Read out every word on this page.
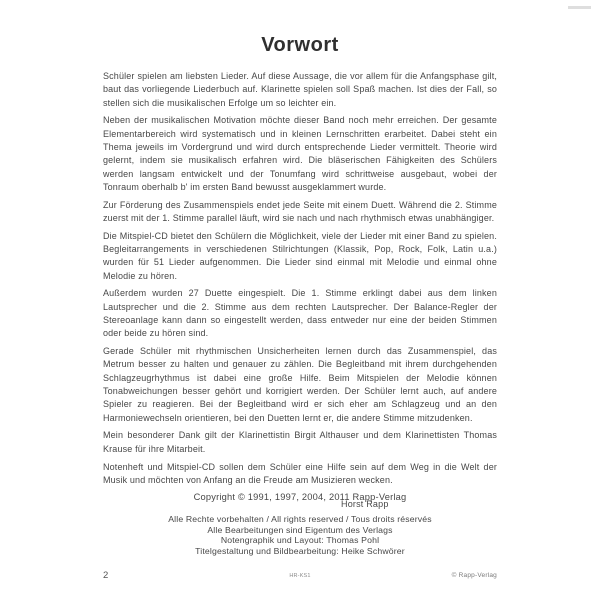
Vorwort

Schüler spielen am liebsten Lieder. Auf diese Aussage, die vor allem für die Anfangsphase gilt, baut das vorliegende Liederbuch auf. Klarinette spielen soll Spaß machen. Ist dies der Fall, so stellen sich die musikalischen Erfolge um so leichter ein.

Neben der musikalischen Motivation möchte dieser Band noch mehr erreichen. Der gesamte Elementarbereich wird systematisch und in kleinen Lernschritten erarbeitet. Dabei steht ein Thema jeweils im Vordergrund und wird durch entsprechende Lieder vermittelt. Theorie wird gelernt, indem sie musikalisch erfahren wird. Die bläserischen Fähigkeiten des Schülers werden langsam entwickelt und der Tonumfang wird schrittweise ausgebaut, wobei der Tonraum oberhalb b' im ersten Band bewusst ausgeklammert wurde.

Zur Förderung des Zusammenspiels endet jede Seite mit einem Duett. Während die 2. Stimme zuerst mit der 1. Stimme parallel läuft, wird sie nach und nach rhythmisch etwas unabhängiger.

Die Mitspiel-CD bietet den Schülern die Möglichkeit, viele der Lieder mit einer Band zu spielen. Begleitarrangements in verschiedenen Stilrichtungen (Klassik, Pop, Rock, Folk, Latin u.a.) wurden für 51 Lieder aufgenommen. Die Lieder sind einmal mit Melodie und einmal ohne Melodie zu hören.

Außerdem wurden 27 Duette eingespielt. Die 1. Stimme erklingt dabei aus dem linken Lautsprecher und die 2. Stimme aus dem rechten Lautsprecher. Der Balance-Regler der Stereoanlage kann dann so eingestellt werden, dass entweder nur eine der beiden Stimmen oder beide zu hören sind.

Gerade Schüler mit rhythmischen Unsicherheiten lernen durch das Zusammenspiel, das Metrum besser zu halten und genauer zu zählen. Die Begleitband mit ihrem durchgehenden Schlagzeugrhythmus ist dabei eine große Hilfe. Beim Mitspielen der Melodie können Tonabweichungen besser gehört und korrigiert werden. Der Schüler lernt auch, auf andere Spieler zu reagieren. Bei der Begleitband wird er sich eher am Schlagzeug und an den Harmoniewechseln orientieren, bei den Duetten lernt er, die andere Stimme mitzudenken.

Mein besonderer Dank gilt der Klarinettistin Birgit Althauser und dem Klarinettisten Thomas Krause für ihre Mitarbeit.

Notenheft und Mitspiel-CD sollen dem Schüler eine Hilfe sein auf dem Weg in die Welt der Musik und möchten von Anfang an die Freude am Musizieren wecken.

Horst Rapp
Copyright © 1991, 1997, 2004, 2011 Rapp-Verlag
Alle Rechte vorbehalten / All rights reserved / Tous droits réservés
Alle Bearbeitungen sind Eigentum des Verlags
Notengraphik und Layout: Thomas Pohl
Titelgestaltung und Bildbearbeitung: Heike Schwörer
2	HR-KS1	© Rapp-Verlag
